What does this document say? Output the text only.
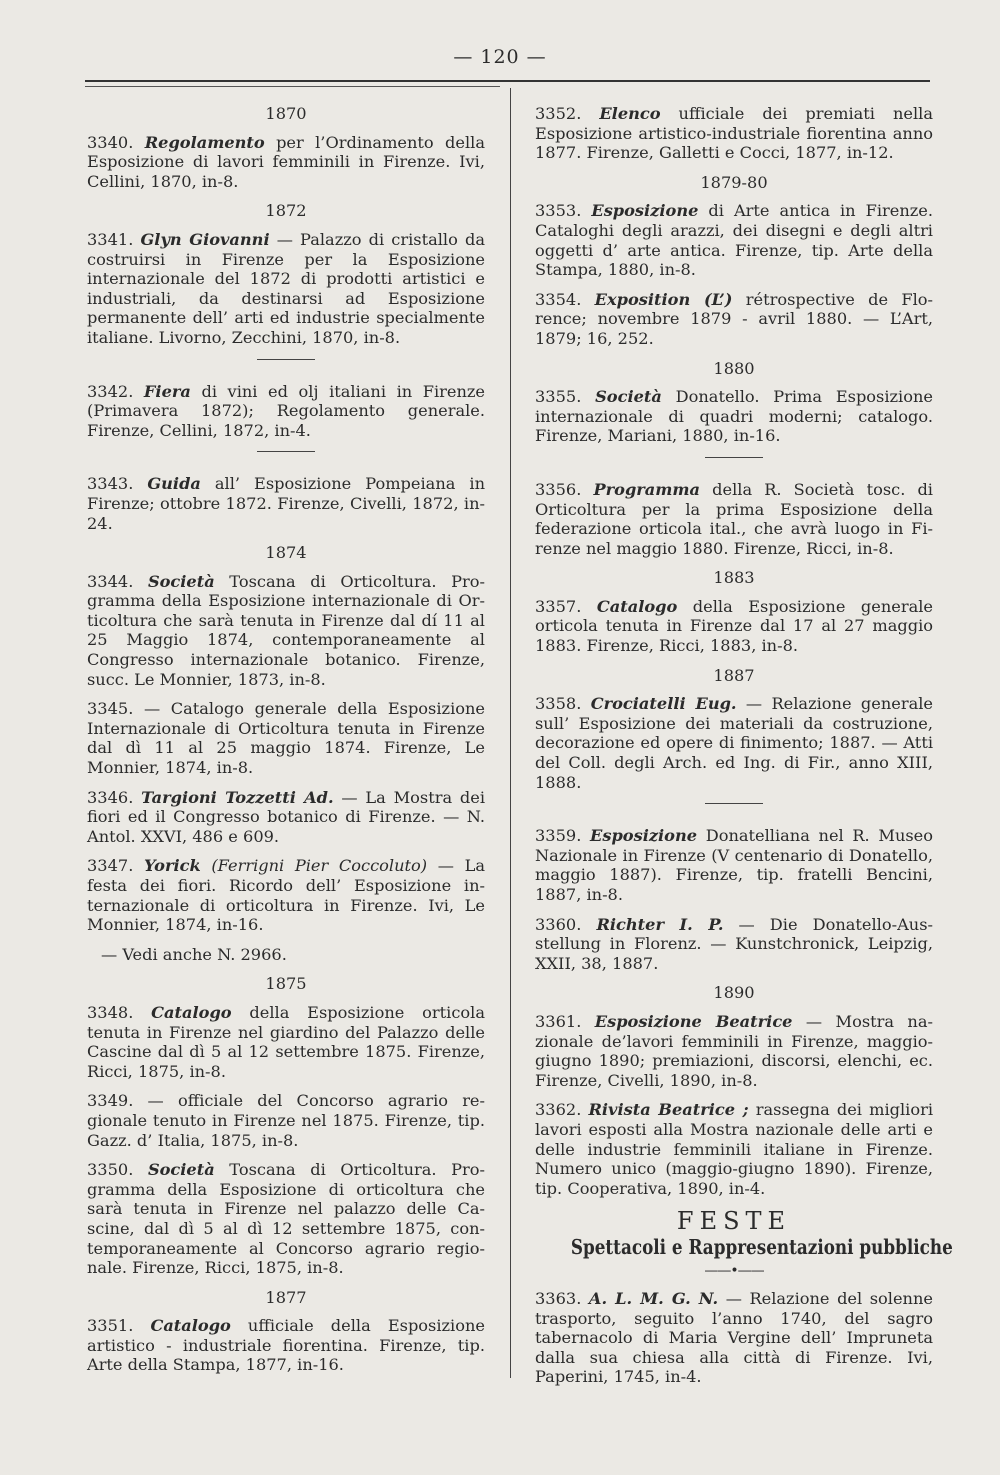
— 120 —
1870

3340. Regolamento per l’Ordinamento della Esposizione di lavori femminili in Firenze. Ivi, Cellini, 1870, in-8.

1872

3341. Glyn Giovanni — Palazzo di cristallo da costruirsi in Firenze per la Esposizione internazionale del 1872 di prodotti artistici e industriali, da destinarsi ad Esposizione permanente dell’ arti ed industrie specialmente italiane. Livorno, Zecchini, 1870, in-8.

3342. Fiera di vini ed olj italiani in Firenze (Primavera 1872); Regolamento generale. Firenze, Cellini, 1872, in-4.

3343. Guida all’ Esposizione Pompeiana in Firenze; ottobre 1872. Firenze, Civelli, 1872, in-24.

1874

3344. Società Toscana di Orticoltura. Programma della Esposizione internazionale di Orticoltura che sarà tenuta in Firenze dal dí 11 al 25 Maggio 1874, contemporaneamente al Congresso internazionale botanico. Firenze, succ. Le Monnier, 1873, in-8.

3345. — Catalogo generale della Esposizione Internazionale di Orticoltura tenuta in Firenze dal dì 11 al 25 maggio 1874. Firenze, Le Monnier, 1874, in-8.

3346. Targioni Tozzetti Ad. — La Mostra dei fiori ed il Congresso botanico di Firenze. — N. Antol. XXVI, 486 e 609.

3347. Yorick (Ferrigni Pier Coccoluto) — La festa dei fiori. Ricordo dell’ Esposizione internazionale di orticoltura in Firenze. Ivi, Le Monnier, 1874, in-16.

— Vedi anche N. 2966.

1875

3348. Catalogo della Esposizione orticola tenuta in Firenze nel giardino del Palazzo delle Cascine dal dì 5 al 12 settembre 1875. Firenze, Ricci, 1875, in-8.

3349. — officiale del Concorso agrario regionale tenuto in Firenze nel 1875. Firenze, tip. Gazz. d’ Italia, 1875, in-8.

3350. Società Toscana di Orticoltura. Programma della Esposizione di orticoltura che sarà tenuta in Firenze nel palazzo delle Cascine, dal dì 5 al dì 12 settembre 1875, contemporaneamente al Concorso agrario regionale. Firenze, Ricci, 1875, in-8.

1877

3351. Catalogo ufficiale della Esposizione artistico - industriale fiorentina. Firenze, tip. Arte della Stampa, 1877, in-16.

3352. Elenco ufficiale dei premiati nella Esposizione artistico-industriale fiorentina anno 1877. Firenze, Galletti e Cocci, 1877, in-12.

1879-80

3353. Esposizione di Arte antica in Firenze. Cataloghi degli arazzi, dei disegni e degli altri oggetti d’ arte antica. Firenze, tip. Arte della Stampa, 1880, in-8.

3354. Exposition (L’) rétrospective de Florence; novembre 1879 - avril 1880. — L’Art, 1879; 16, 252.

1880

3355. Società Donatello. Prima Esposizione internazionale di quadri moderni; catalogo. Firenze, Mariani, 1880, in-16.

3356. Programma della R. Società tosc. di Orticoltura per la prima Esposizione della federazione orticola ital., che avrà luogo in Firenze nel maggio 1880. Firenze, Ricci, in-8.

1883

3357. Catalogo della Esposizione generale orticola tenuta in Firenze dal 17 al 27 maggio 1883. Firenze, Ricci, 1883, in-8.

1887

3358. Crociatelli Eug. — Relazione generale sull’ Esposizione dei materiali da costruzione, decorazione ed opere di finimento; 1887. — Atti del Coll. degli Arch. ed Ing. di Fir., anno XIII, 1888.

3359. Esposizione Donatelliana nel R. Museo Nazionale in Firenze (V centenario di Donatello, maggio 1887). Firenze, tip. fratelli Bencini, 1887, in-8.

3360. Richter I. P. — Die Donatello-Ausstellung in Florenz. — Kunstchronick, Leipzig, XXII, 38, 1887.

1890

3361. Esposizione Beatrice — Mostra nazionale de’lavori femminili in Firenze, maggio-giugno 1890; premiazioni, discorsi, elenchi, ec. Firenze, Civelli, 1890, in-8.

3362. Rivista Beatrice ; rassegna dei migliori lavori esposti alla Mostra nazionale delle arti e delle industrie femminili italiane in Firenze. Numero unico (maggio-giugno 1890). Firenze, tip. Cooperativa, 1890, in-4.

FESTE
Spettacoli e Rappresentazioni pubbliche
——•——

3363. A. L. M. G. N. — Relazione del solenne trasporto, seguito l’anno 1740, del sagro tabernacolo di Maria Vergine dell’ Impruneta dalla sua chiesa alla città di Firenze. Ivi, Paperini, 1745, in-4.
